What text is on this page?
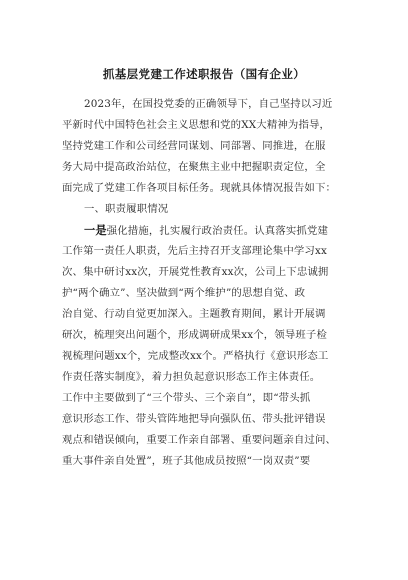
抓基层党建工作述职报告（国有企业）
2023年，在国投党委的正确领导下，自己坚持以习近
平新时代中国特色社会主义思想和党的XX大精神为指导，
坚持党建工作和公司经营同谋划、同部署、同推进，在服
务大局中提高政治站位，在聚焦主业中把握职责定位，全
面完成了党建工作各项目标任务。现就具体情况报告如下：
一、职责履职情况
一是强化措施，扎实履行政治责任。认真落实抓党建
工作第一责任人职责，先后主持召开支部理论集中学习xx
次、集中研讨xx次，开展党性教育xx次，公司上下忠诚拥
护“两个确立”、坚决做到“两个维护”的思想自觉、政
治自觉、行动自觉更加深入。主题教育期间，累计开展调
研次，梳理突出问题个，形成调研成果xx个，领导班子检
视梳理问题xx个，完成整改xx个。严格执行《意识形态工
作责任落实制度》，着力担负起意识形态工作主体责任。
工作中主要做到了“三个带头、三个亲自”，即“带头抓
意识形态工作、带头管阵地把导向强队伍、带头批评错误
观点和错误倾向，重要工作亲自部署、重要问题亲自过问、
重大事件亲自处置”，班子其他成员按照“一岗双责”要
